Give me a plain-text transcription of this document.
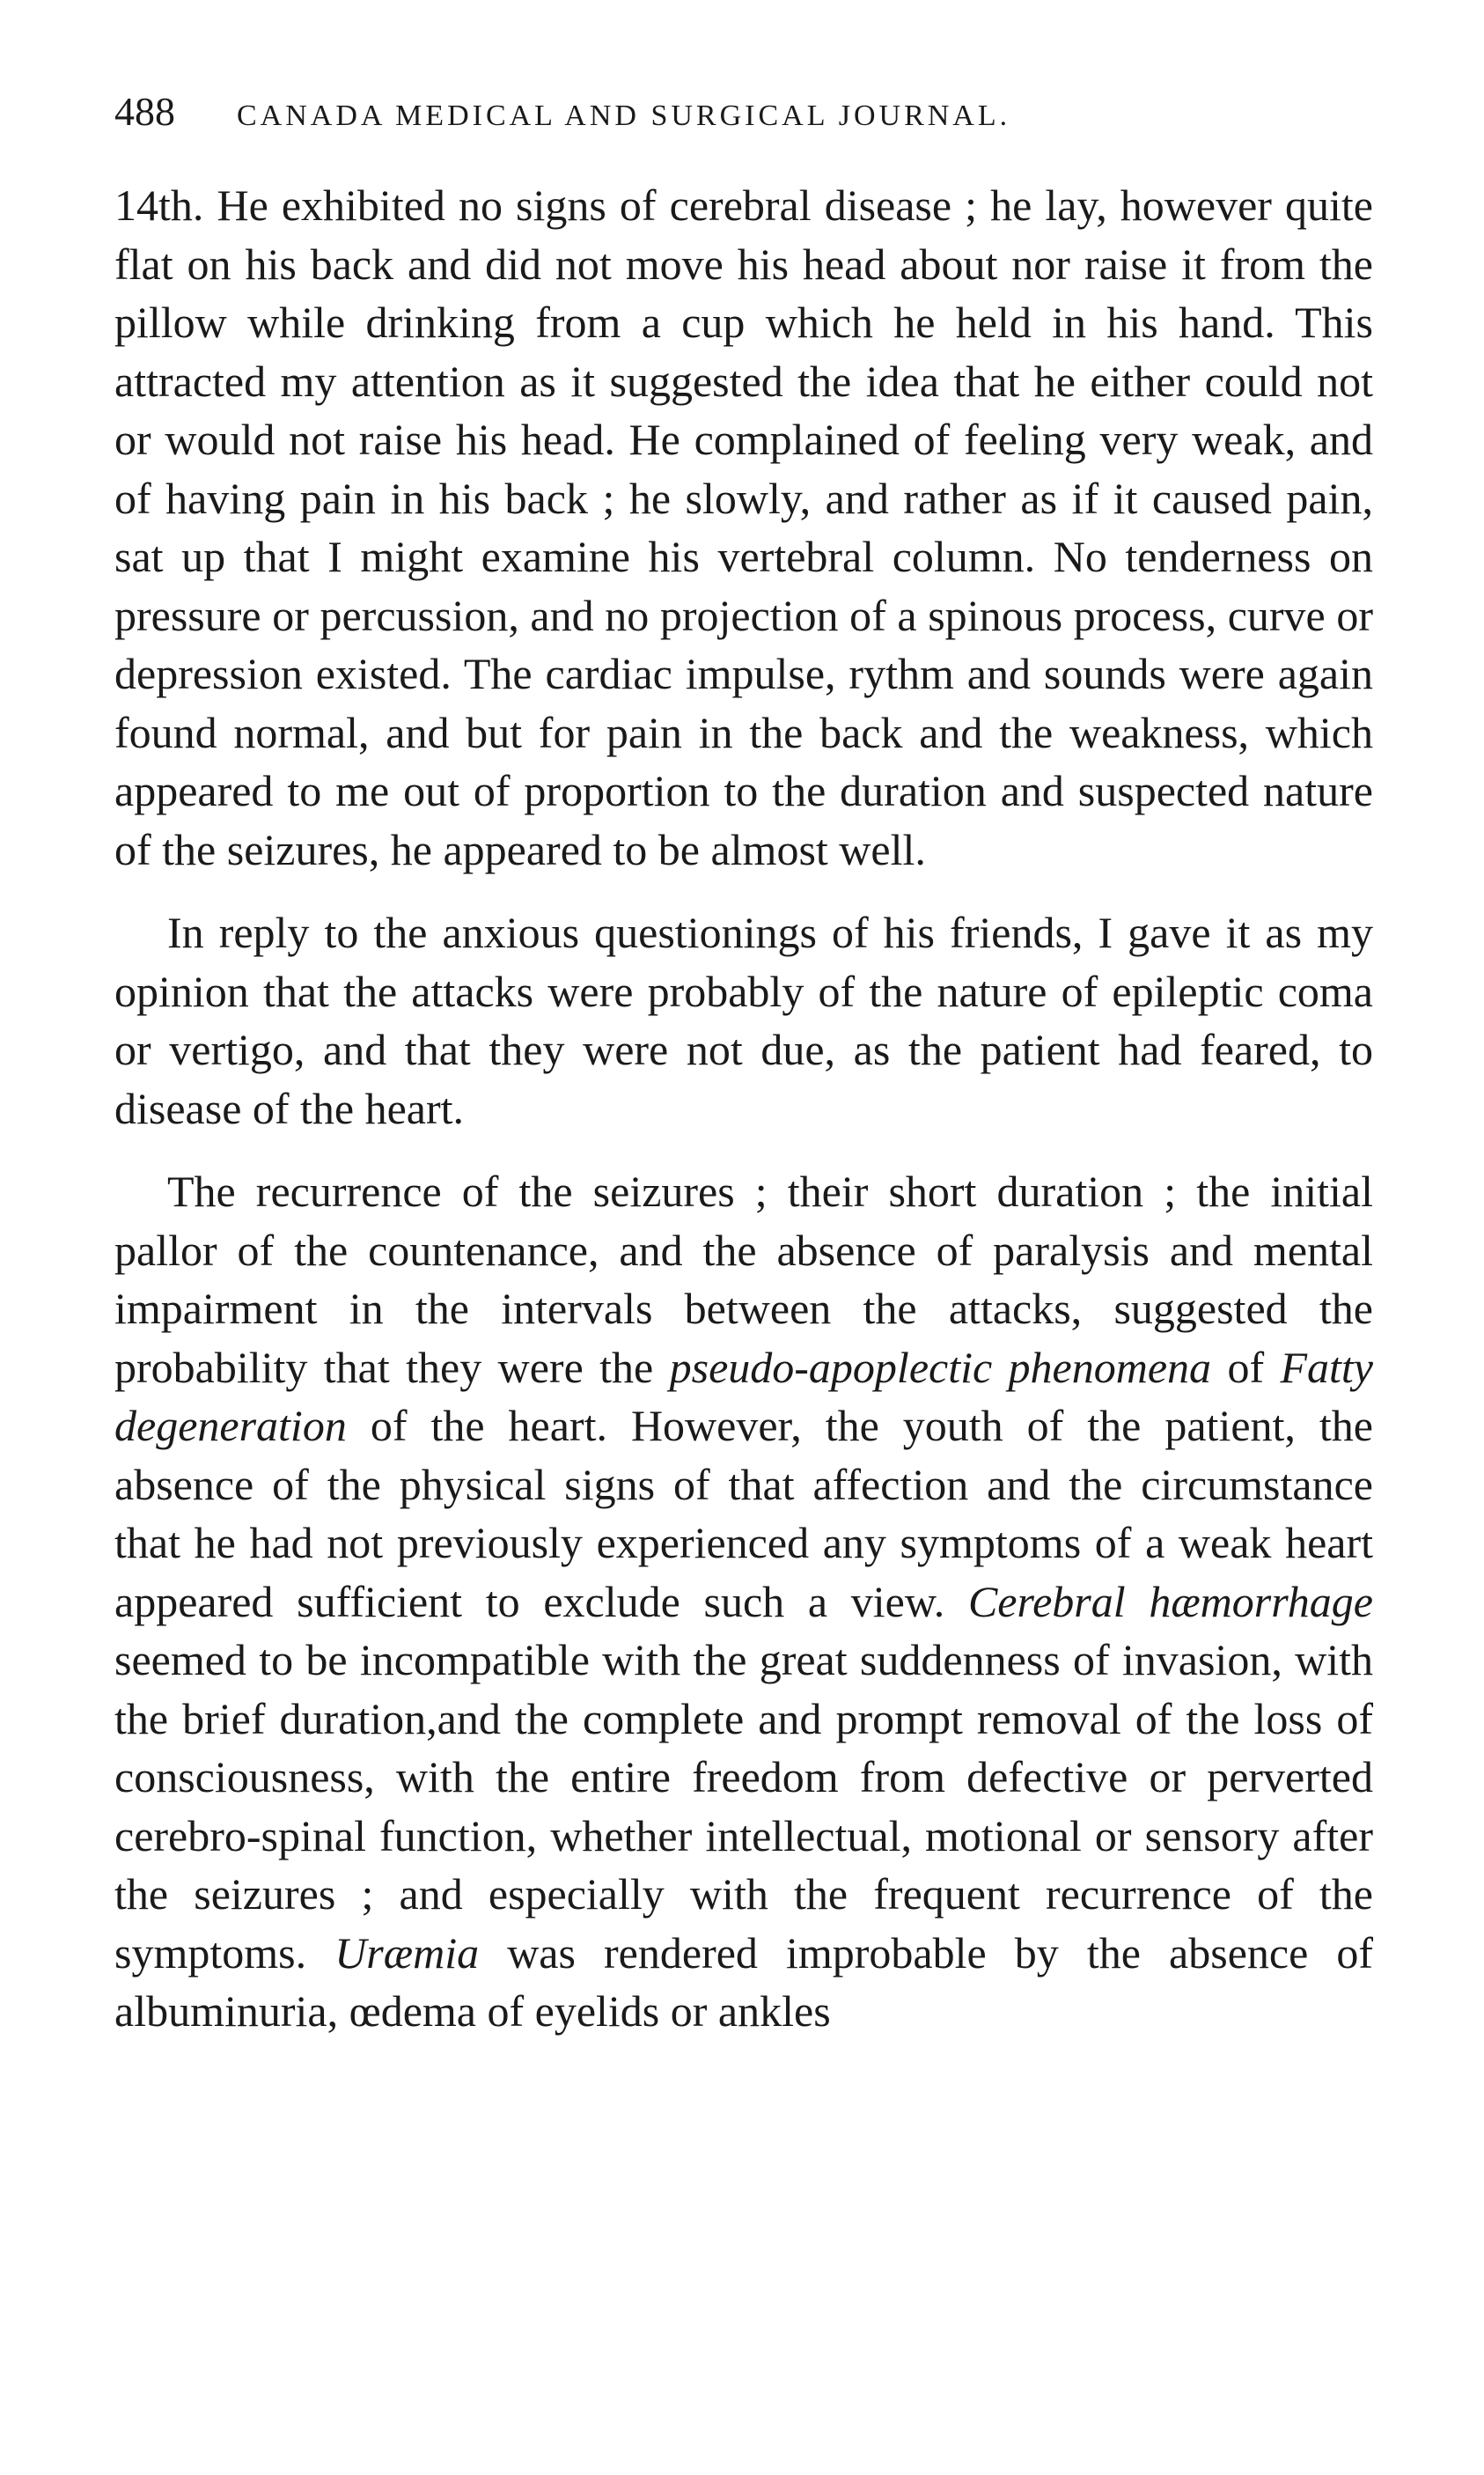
488 CANADA MEDICAL AND SURGICAL JOURNAL.

14th. He exhibited no signs of cerebral disease ; he lay, however quite flat on his back and did not move his head about nor raise it from the pillow while drinking from a cup which he held in his hand. This attracted my attention as it suggested the idea that he either could not or would not raise his head. He complained of feeling very weak, and of having pain in his back ; he slowly, and rather as if it caused pain, sat up that I might examine his vertebral column. No tenderness on pressure or percussion, and no projection of a spinous process, curve or depression existed. The cardiac impulse, rythm and sounds were again found normal, and but for pain in the back and the weakness, which appeared to me out of proportion to the duration and suspected nature of the seizures, he appeared to be almost well.

In reply to the anxious questionings of his friends, I gave it as my opinion that the attacks were probably of the nature of epileptic coma or vertigo, and that they were not due, as the patient had feared, to disease of the heart.

The recurrence of the seizures ; their short duration ; the initial pallor of the countenance, and the absence of paralysis and mental impairment in the intervals between the attacks, suggested the probability that they were the pseudo-apoplectic phenomena of Fatty degeneration of the heart. However, the youth of the patient, the absence of the physical signs of that affection and the circumstance that he had not previously experienced any symptoms of a weak heart appeared sufficient to exclude such a view. Cerebral hæmorrhage seemed to be incompatible with the great suddenness of invasion, with the brief duration,and the complete and prompt removal of the loss of consciousness, with the entire freedom from defective or perverted cerebro-spinal function, whether intellectual, motional or sensory after the seizures ; and especially with the frequent recurrence of the symptoms. Uræmia was rendered improbable by the absence of albuminuria, œdema of eyelids or ankles
